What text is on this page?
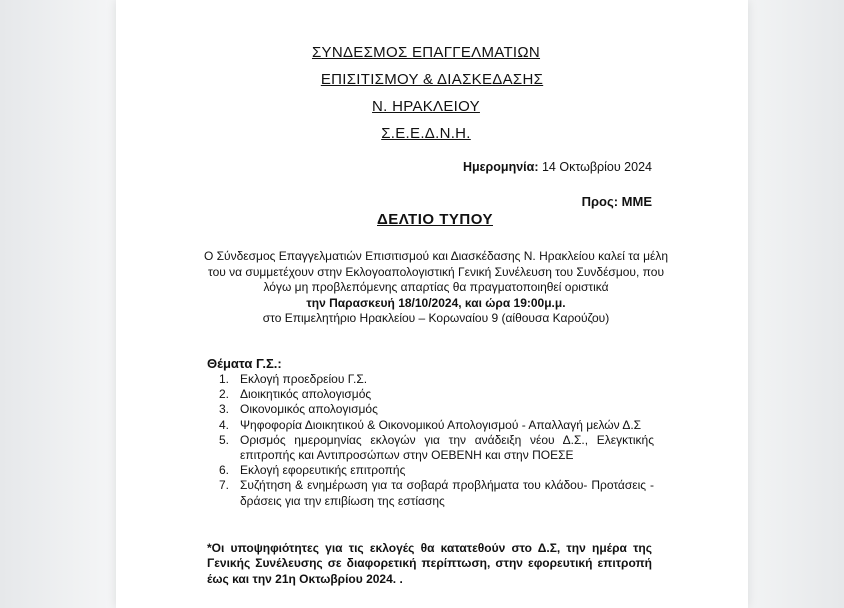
ΣΥΝΔΕΣΜΟΣ ΕΠΑΓΓΕΛΜΑΤΙΩΝ
ΕΠΙΣΙΤΙΣΜΟΥ & ΔΙΑΣΚΕΔΑΣΗΣ
Ν. ΗΡΑΚΛΕΙΟΥ
Σ.Ε.Ε.Δ.Ν.Η.
Ημερομηνία: 14 Οκτωβρίου 2024
Προς: ΜΜΕ
ΔΕΛΤΙΟ ΤΥΠΟΥ
Ο Σύνδεσμος Επαγγελματιών Επισιτισμού και Διασκέδασης Ν. Ηρακλείου καλεί τα μέλη
του να συμμετέχουν στην Εκλογοαπολογιστική Γενική Συνέλευση του Συνδέσμου, που
λόγω μη προβλεπόμενης απαρτίας θα πραγματοποιηθεί οριστικά
την Παρασκευή 18/10/2024, και ώρα 19:00μ.μ.
στο Επιμελητήριο Ηρακλείου – Κορωναίου 9 (αίθουσα Καρούζου)
Θέματα Γ.Σ.:
1. Εκλογή προεδρείου Γ.Σ.
2. Διοικητικός απολογισμός
3. Οικονομικός απολογισμός
4. Ψηφοφορία Διοικητικού & Οικονομικού Απολογισμού - Απαλλαγή μελών Δ.Σ
5. Ορισμός ημερομηνίας εκλογών για την ανάδειξη νέου Δ.Σ., Ελεγκτικής επιτροπής και Αντιπροσώπων στην ΟΕΒΕΝΗ και στην ΠΟΕΣΕ
6. Εκλογή εφορευτικής επιτροπής
7. Συζήτηση & ενημέρωση για τα σοβαρά προβλήματα του κλάδου- Προτάσεις - δράσεις για την επιβίωση της εστίασης
*Οι υποψηφιότητες για τις εκλογές θα κατατεθούν στο Δ.Σ, την ημέρα της Γενικής Συνέλευσης σε διαφορετική περίπτωση, στην εφορευτική επιτροπή έως και την 21η Οκτωβρίου 2024. .
